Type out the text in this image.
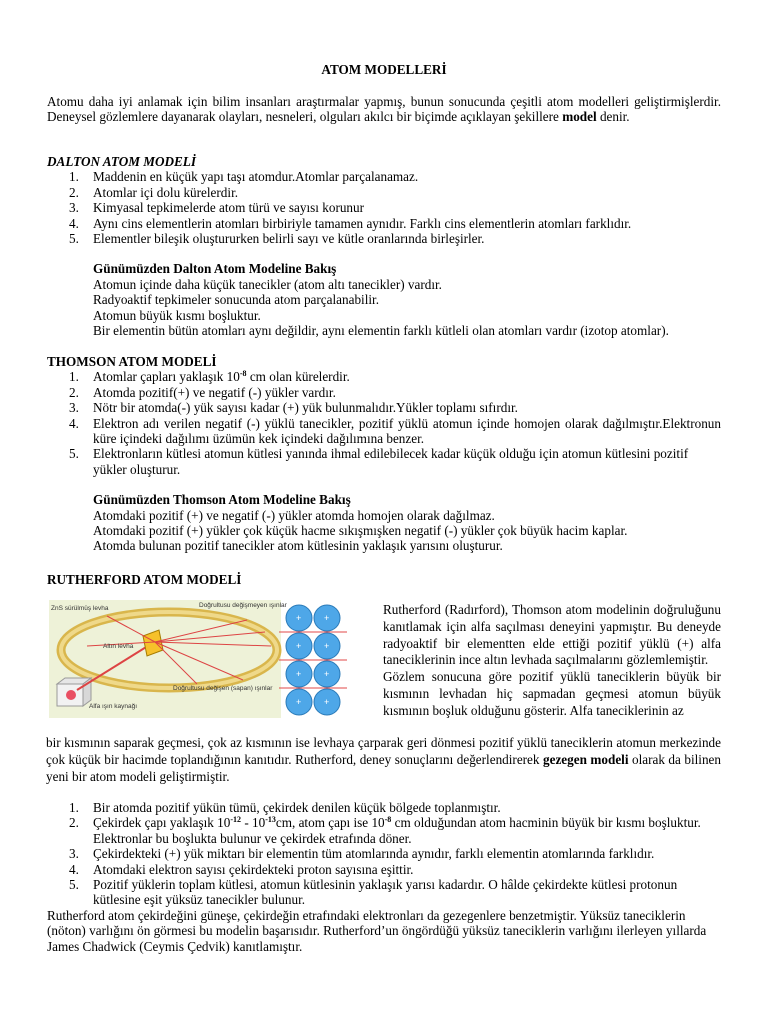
ATOM MODELLERİ
Atomu daha iyi anlamak için bilim insanları araştırmalar yapmış, bunun sonucunda çeşitli atom modelleri geliştirmişlerdir. Deneysel gözlemlere dayanarak olayları, nesneleri, olguları akılcı bir biçimde açıklayan şekillere model denir.
DALTON ATOM MODELİ
1.	Maddenin en küçük yapı taşı atomdur.Atomlar parçalanamaz.
2.	Atomlar içi dolu kürelerdir.
3.	Kimyasal tepkimelerde atom türü ve sayısı korunur
4.	Aynı cins elementlerin atomları birbiriyle tamamen aynıdır. Farklı cins elementlerin atomları farklıdır.
5.	Elementler bileşik oluştururken belirli sayı ve kütle oranlarında birleşirler.
Günümüzden Dalton Atom Modeline Bakış
Atomun içinde daha küçük tanecikler (atom altı tanecikler) vardır.
Radyoaktif tepkimeler sonucunda atom parçalanabilir.
Atomun büyük kısmı boşluktur.
Bir elementin bütün atomları aynı değildir, aynı elementin farklı kütleli olan atomları vardır (izotop atomlar).
THOMSON ATOM MODELİ
1.	Atomlar çapları yaklaşık $10^{-8}$ cm olan kürelerdir.
2.	Atomda pozitif(+) ve negatif (-) yükler vardır.
3.	Nötr bir atomda(-) yük sayısı kadar (+) yük bulunmalıdır.Yükler toplamı sıfırdır.
4.	Elektron adı verilen negatif (-) yüklü tanecikler, pozitif yüklü atomun içinde homojen olarak dağılmıştır.Elektronun küre içindeki dağılımı üzümün kek içindeki dağılımına benzer.
5.	Elektronların kütlesi atomun kütlesi yanında ihmal edilebilecek kadar küçük olduğu için atomun kütlesini pozitif yükler oluşturur.
Günümüzden Thomson Atom Modeline Bakış
Atomdaki pozitif (+) ve negatif (-) yükler atomda homojen olarak dağılmaz.
Atomdaki pozitif (+) yükler çok küçük hacme sıkışmışken negatif (-) yükler çok büyük hacim kaplar.
Atomda bulunan pozitif tanecikler atom kütlesinin yaklaşık yarısını oluşturur.
RUTHERFORD ATOM MODELİ
ZnS sürülmüş levha	Doğrultusu değişmeyen ışınlar
Altın levha
Doğrultusu değişen (sapan) ışınlar
Alfa ışın kaynağı
+	+
+	+
+	+
+	+
Rutherford (Radırford), Thomson atom modelinin doğruluğunu kanıtlamak için alfa saçılması deneyini yapmıştır. Bu deneyde radyoaktif bir elementten elde ettiği pozitif yüklü (+) alfa taneciklerinin ince altın levhada saçılmalarını gözlemlemiştir.
Gözlem sonucuna göre pozitif yüklü taneciklerin büyük bir kısmının levhadan hiç sapmadan geçmesi atomun büyük kısmının boşluk olduğunu gösterir. Alfa taneciklerinin az
bir kısmının saparak geçmesi, çok az kısmının ise levhaya çarparak geri dönmesi pozitif yüklü taneciklerin atomun merkezinde çok küçük bir hacimde toplandığının kanıtıdır. Rutherford, deney sonuçlarını değerlendirerek gezegen modeli olarak da bilinen yeni bir atom modeli geliştirmiştir.
1.	Bir atomda pozitif yükün tümü, çekirdek denilen küçük bölgede toplanmıştır.
2.	Çekirdek çapı yaklaşık $10^{-12} - 10^{-13}cm$, atom çapı ise $10^{-8}$ cm olduğundan atom hacminin büyük bir kısmı boşluktur. Elektronlar bu boşlukta bulunur ve çekirdek etrafında döner.
3.	Çekirdekteki (+) yük miktarı bir elementin tüm atomlarında aynıdır, farklı elementin atomlarında farklıdır.
4.	Atomdaki elektron sayısı çekirdekteki proton sayısına eşittir.
5.	Pozitif yüklerin toplam kütlesi, atomun kütlesinin yaklaşık yarısı kadardır. O hâlde çekirdekte kütlesi protonun kütlesine eşit yüksüz tanecikler bulunur.
Rutherford atom çekirdeğini güneşe, çekirdeğin etrafındaki elektronları da gezegenlere benzetmiştir. Yüksüz taneciklerin (nöton) varlığını ön görmesi bu modelin başarısıdır. Rutherford’un öngördüğü yüksüz taneciklerin varlığını ilerleyen yıllarda James Chadwick (Ceymis Çedvik) kanıtlamıştır.
